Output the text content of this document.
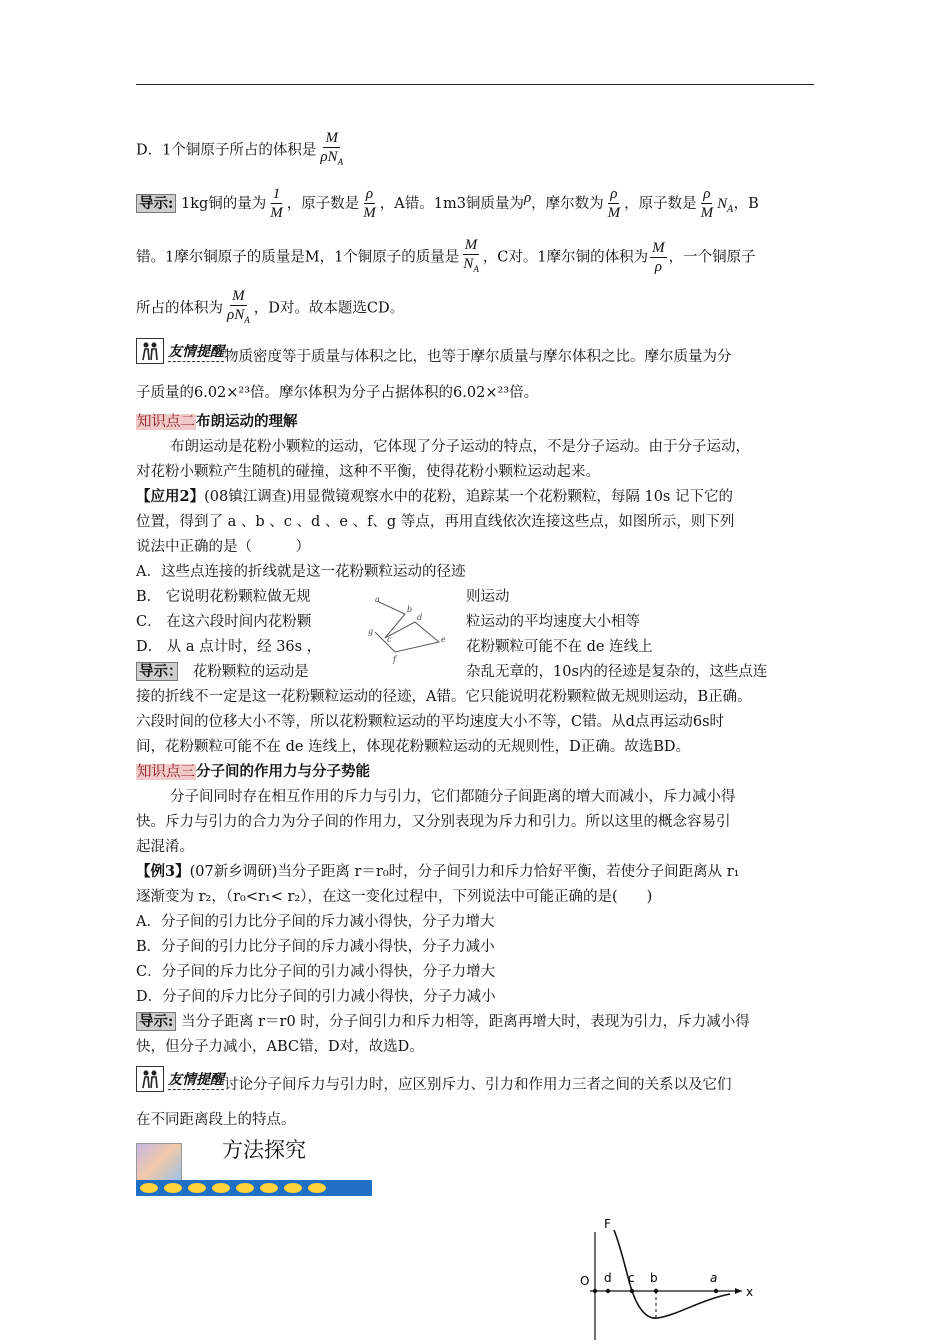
D．1个铜原子所占的体积是 $\frac{M}{\rho N_A}$
导示: 1kg铜的量为 $\frac{1}{M}$ ，原子数是 $\frac{\rho}{M}$ ，A错。1m3铜质量为ρ，摩尔数为 $\frac{\rho}{M}$ ，原子数是 $\frac{\rho}{M} N_A$，B
错。1摩尔铜原子的质量是M，1个铜原子的质量是 $\frac{M}{N_A}$ ，C对。1摩尔铜的体积为 $\frac{M}{\rho}$ ，一个铜原子
所占的体积为 $\frac{M}{\rho N_A}$ ，D对。故本题选CD。
友情提醒 物质密度等于质量与体积之比，也等于摩尔质量与摩尔体积之比。摩尔质量为分
子质量的6.02×²³倍。摩尔体积为分子占据体积的6.02×²³倍。
知识点二布朗运动的理解
布朗运动是花粉小颗粒的运动，它体现了分子运动的特点，不是分子运动。由于分子运动，
对花粉小颗粒产生随机的碰撞，这种不平衡，使得花粉小颗粒运动起来。
【应用2】(08镇江调查)用显微镜观察水中的花粉，追踪某一个花粉颗粒，每隔 10s 记下它的
位置，得到了 a 、b 、c 、d 、e 、f、g 等点，再用直线依次连接这些点，如图所示，则下列
说法中正确的是（　　　）
A．这些点连接的折线就是这一花粉颗粒运动的径迹
B． 它说明花粉颗粒做无规	则运动
C． 在这六段时间内花粉颗	粒运动的平均速度大小相等
D． 从 a 点计时，经 36s ，	花粉颗粒可能不在 de 连线上
a
b
c
d
e
f
g
导示：　 花粉颗粒的运动是	杂乱无章的，10s内的径迹是复杂的，这些点连
接的折线不一定是这一花粉颗粒运动的径迹，A错。它只能说明花粉颗粒做无规则运动，B正确。
六段时间的位移大小不等，所以花粉颗粒运动的平均速度大小不等，C错。从d点再运动6s时
间，花粉颗粒可能不在 de 连线上，体现花粉颗粒运动的无规则性，D正确。故选BD。
知识点三分子间的作用力与分子势能
分子间同时存在相互作用的斥力与引力，它们都随分子间距离的增大而减小，斥力减小得
快。斥力与引力的合力为分子间的作用力，又分别表现为斥力和引力。所以这里的概念容易引
起混淆。
【例3】(07新乡调研)当分子距离 r＝r₀时，分子间引力和斥力恰好平衡，若使分子间距离从 r₁
逐渐变为 r₂，（r₀<r₁< r₂），在这一变化过程中，下列说法中可能正确的是(　　)
A．分子间的引力比分子间的斥力减小得快，分子力增大
B．分子间的引力比分子间的斥力减小得快，分子力减小
C．分子间的斥力比分子间的引力减小得快，分子力增大
D．分子间的斥力比分子间的引力减小得快，分子力减小
导示: 当分子距离 r＝r0 时，分子间引力和斥力相等，距离再增大时，表现为引力，斥力减小得
快，但分子力减小，ABC错，D对，故选D。
友情提醒 讨论分子间斥力与引力时，应区别斥力、引力和作用力三者之间的关系以及它们
在不同距离段上的特点。
方法探究
F
x
O d c b	a
